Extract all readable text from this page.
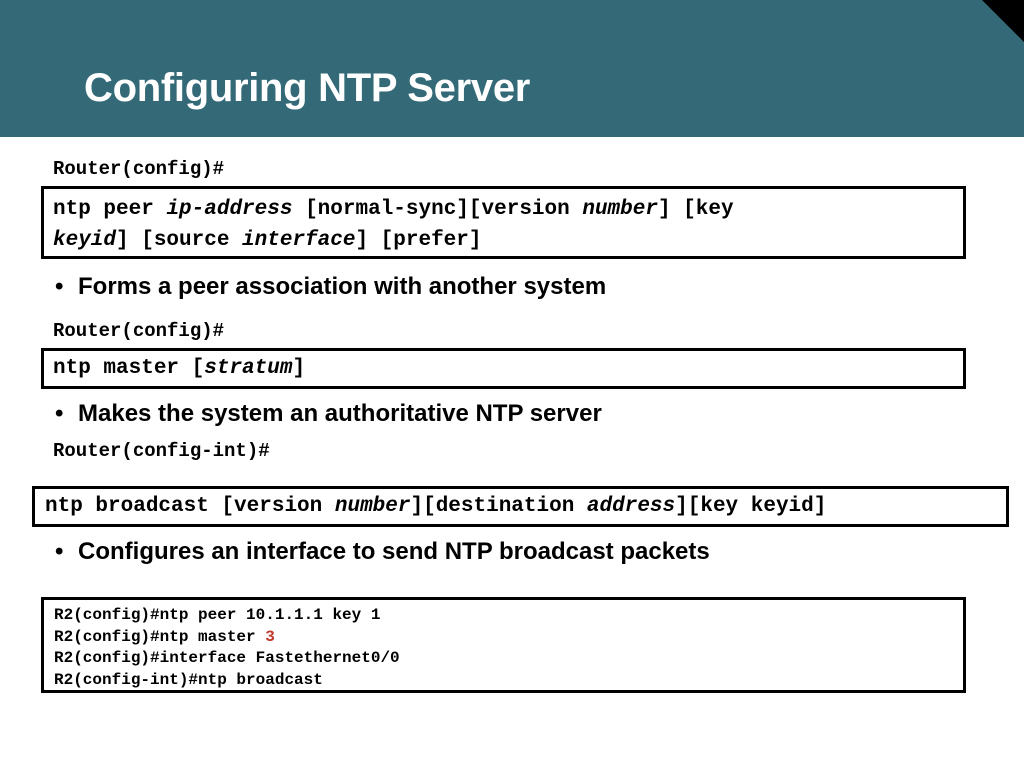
Configuring NTP Server
Router(config)#
ntp peer ip-address [normal-sync][version number] [key
keyid] [source interface] [prefer]
• Forms a peer association with another system
Router(config)#
ntp master [stratum]
• Makes the system an authoritative NTP server
Router(config-int)#
ntp broadcast [version number][destination address][key keyid]
• Configures an interface to send NTP broadcast packets
R2(config)#ntp peer 10.1.1.1 key 1
R2(config)#ntp master 3
R2(config)#interface Fastethernet0/0
R2(config-int)#ntp broadcast
